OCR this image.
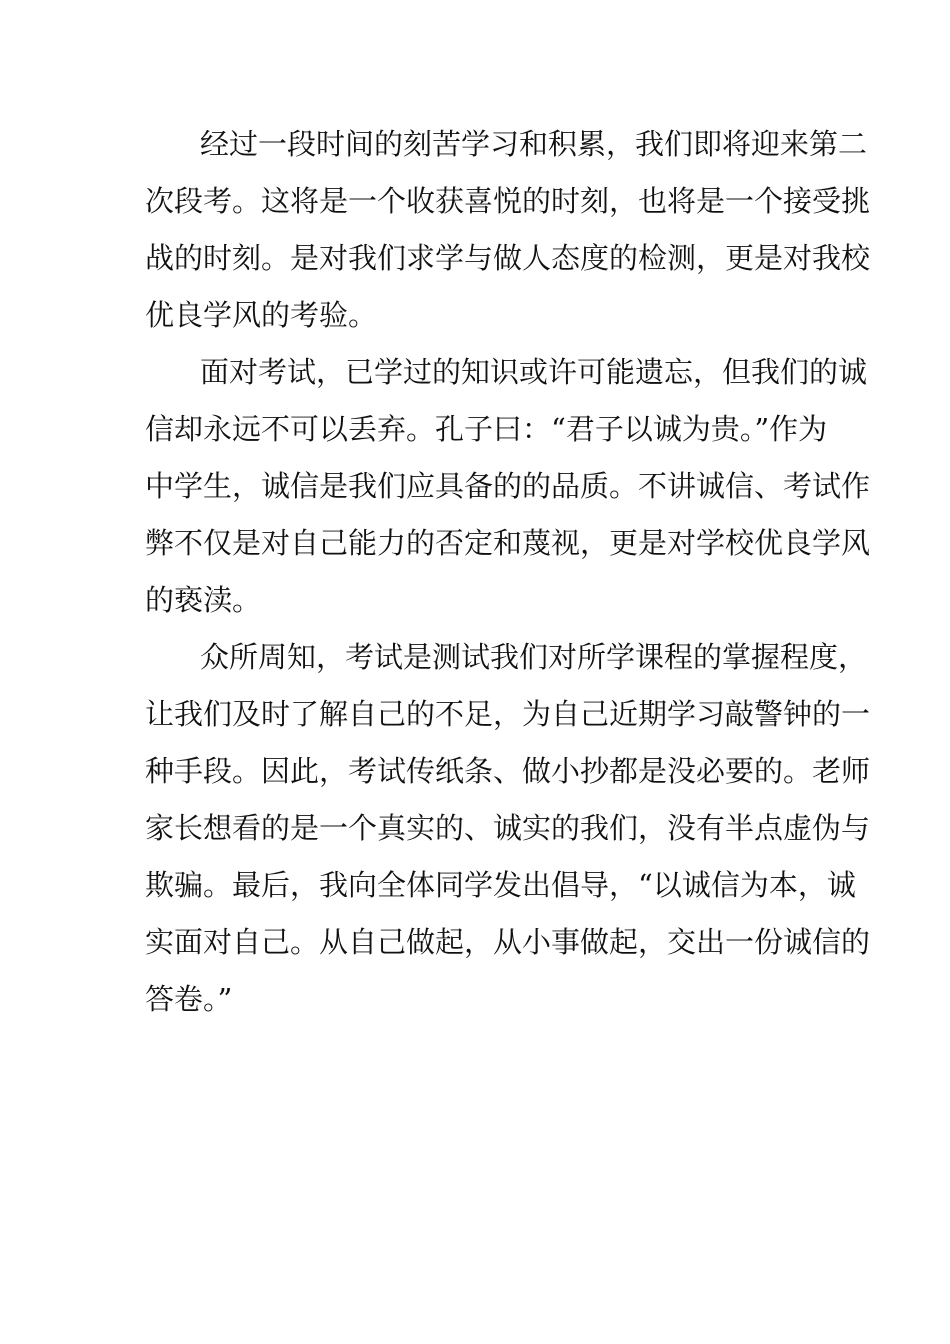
经过一段时间的刻苦学习和积累，我们即将迎来第二
次段考。这将是一个收获喜悦的时刻，也将是一个接受挑
战的时刻。是对我们求学与做人态度的检测，更是对我校
优良学风的考验。
面对考试，已学过的知识或许可能遗忘，但我们的诚
信却永远不可以丢弃。孔子曰：“君子以诚为贵。”作为
中学生，诚信是我们应具备的的品质。不讲诚信、考试作
弊不仅是对自己能力的否定和蔑视，更是对学校优良学风
的亵渎。
众所周知，考试是测试我们对所学课程的掌握程度，
让我们及时了解自己的不足，为自己近期学习敲警钟的一
种手段。因此，考试传纸条、做小抄都是没必要的。老师
家长想看的是一个真实的、诚实的我们，没有半点虚伪与
欺骗。最后，我向全体同学发出倡导，“以诚信为本，诚
实面对自己。从自己做起，从小事做起，交出一份诚信的
答卷。”
